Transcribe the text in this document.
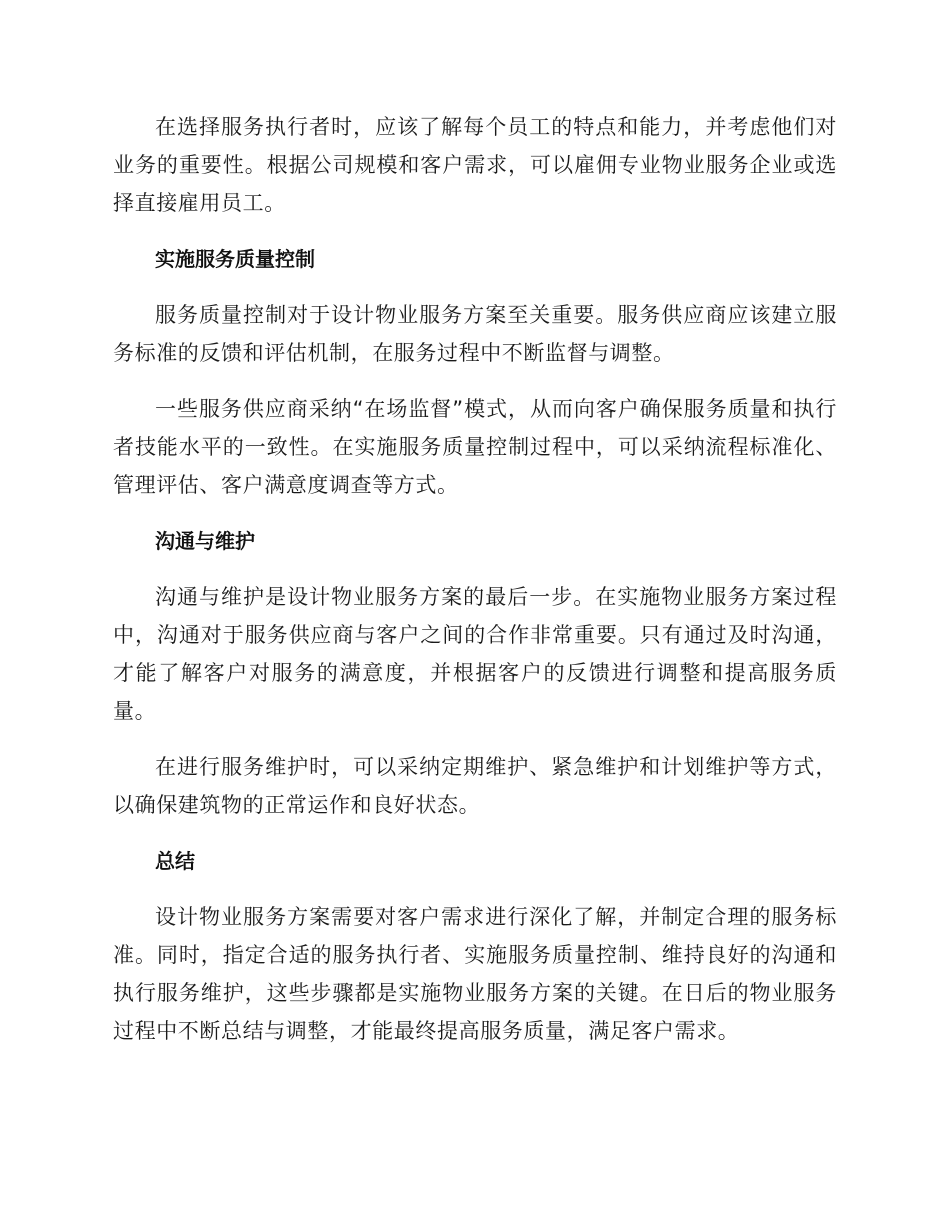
在选择服务执行者时，应该了解每个员工的特点和能力，并考虑他们对业务的重要性。根据公司规模和客户需求，可以雇佣专业物业服务企业或选择直接雇用员工。

实施服务质量控制

服务质量控制对于设计物业服务方案至关重要。服务供应商应该建立服务标准的反馈和评估机制，在服务过程中不断监督与调整。

一些服务供应商采纳“在场监督”模式，从而向客户确保服务质量和执行者技能水平的一致性。在实施服务质量控制过程中，可以采纳流程标准化、管理评估、客户满意度调查等方式。

沟通与维护

沟通与维护是设计物业服务方案的最后一步。在实施物业服务方案过程中，沟通对于服务供应商与客户之间的合作非常重要。只有通过及时沟通，才能了解客户对服务的满意度，并根据客户的反馈进行调整和提高服务质量。

在进行服务维护时，可以采纳定期维护、紧急维护和计划维护等方式，以确保建筑物的正常运作和良好状态。

总结

设计物业服务方案需要对客户需求进行深化了解，并制定合理的服务标准。同时，指定合适的服务执行者、实施服务质量控制、维持良好的沟通和执行服务维护，这些步骤都是实施物业服务方案的关键。在日后的物业服务过程中不断总结与调整，才能最终提高服务质量，满足客户需求。
